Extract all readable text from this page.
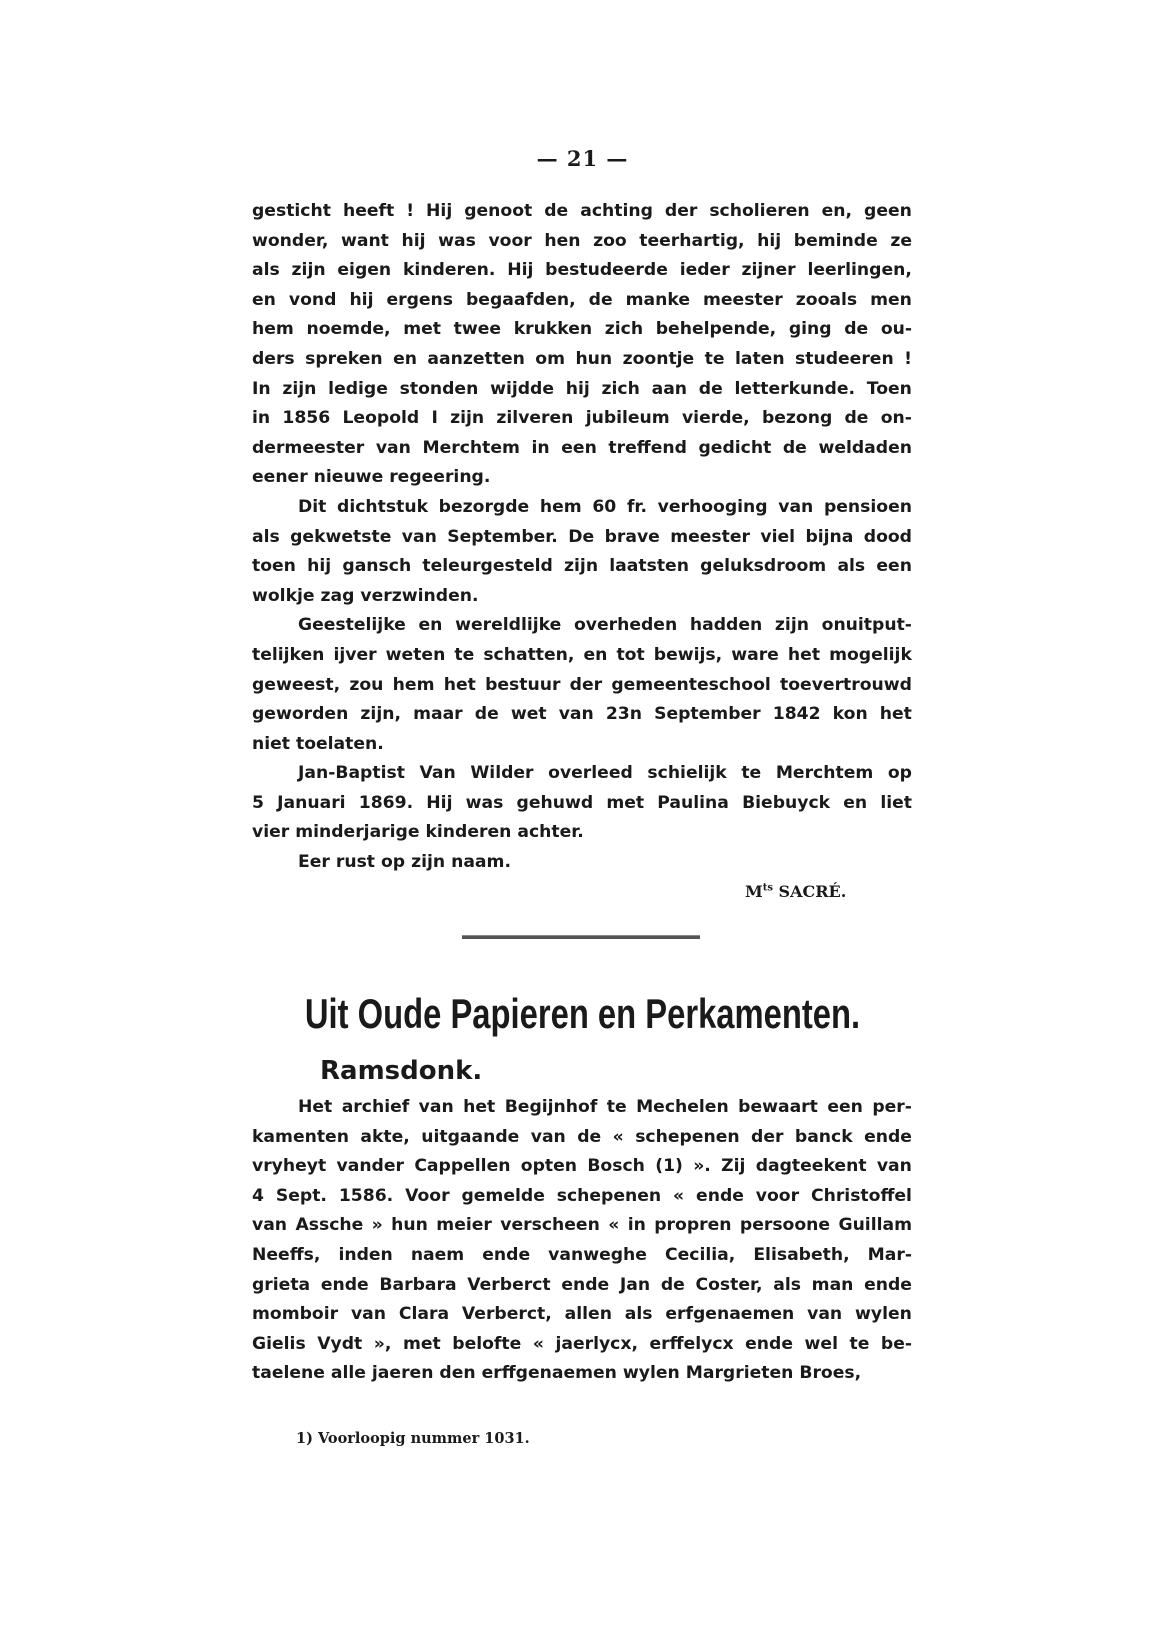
— 21 —
gesticht heeft ! Hij genoot de achting der scholieren en, geen
wonder, want hij was voor hen zoo teerhartig, hij beminde ze
als zijn eigen kinderen. Hij bestudeerde ieder zijner leerlingen,
en vond hij ergens begaafden, de manke meester zooals men
hem noemde, met twee krukken zich behelpende, ging de ou-
ders spreken en aanzetten om hun zoontje te laten studeeren !
In zijn ledige stonden wijdde hij zich aan de letterkunde. Toen
in 1856 Leopold I zijn zilveren jubileum vierde, bezong de on-
dermeester van Merchtem in een treffend gedicht de weldaden
eener nieuwe regeering.
Dit dichtstuk bezorgde hem 60 fr. verhooging van pensioen
als gekwetste van September. De brave meester viel bijna dood
toen hij gansch teleurgesteld zijn laatsten geluksdroom als een
wolkje zag verzwinden.
Geestelijke en wereldlijke overheden hadden zijn onuitput-
telijken ijver weten te schatten, en tot bewijs, ware het mogelijk
geweest, zou hem het bestuur der gemeenteschool toevertrouwd
geworden zijn, maar de wet van 23n September 1842 kon het
niet toelaten.
Jan-Baptist Van Wilder overleed schielijk te Merchtem op
5 Januari 1869. Hij was gehuwd met Paulina Biebuyck en liet
vier minderjarige kinderen achter.
Eer rust op zijn naam.
$M^{ts}$ SACRÉ.
Uit Oude Papieren en Perkamenten.
Ramsdonk.
Het archief van het Begijnhof te Mechelen bewaart een per-
kamenten akte, uitgaande van de « schepenen der banck ende
vryheyt vander Cappellen opten Bosch (1) ». Zij dagteekent van
4 Sept. 1586. Voor gemelde schepenen « ende voor Christoffel
van Assche » hun meier verscheen « in propren persoone Guillam
Neeffs, inden naem ende vanweghe Cecilia, Elisabeth, Mar-
grieta ende Barbara Verberct ende Jan de Coster, als man ende
momboir van Clara Verberct, allen als erfgenaemen van wylen
Gielis Vydt », met belofte « jaerlycx, erffelycx ende wel te be-
taelene alle jaeren den erffgenaemen wylen Margrieten Broes,
1) Voorloopig nummer 1031.
